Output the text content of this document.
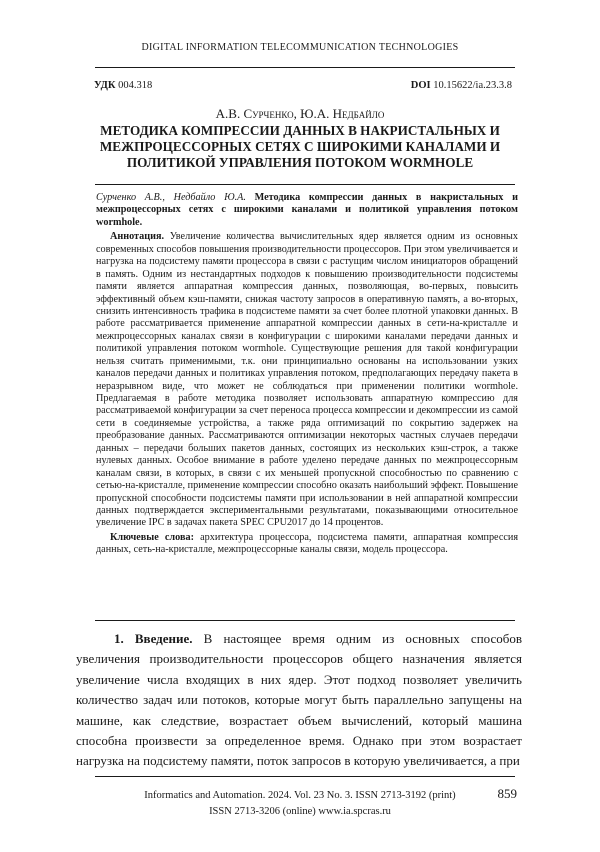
DIGITAL INFORMATION TELECOMMUNICATION TECHNOLOGIES
УДК 004.318	DOI 10.15622/ia.23.3.8
А.В. Сурченко, Ю.А. Недбайло
МЕТОДИКА КОМПРЕССИИ ДАННЫХ В НАКРИСТАЛЬНЫХ И МЕЖПРОЦЕССОРНЫХ СЕТЯХ С ШИРОКИМИ КАНАЛАМИ И ПОЛИТИКОЙ УПРАВЛЕНИЯ ПОТОКОМ WORMHOLE

Сурченко А.В., Недбайло Ю.А. Методика компрессии данных в накристальных и межпроцессорных сетях с широкими каналами и политикой управления потоком wormhole.

Аннотация. Увеличение количества вычислительных ядер является одним из основных современных способов повышения производительности процессоров. При этом увеличивается и нагрузка на подсистему памяти процессора в связи с растущим числом инициаторов обращений в память. Одним из нестандартных подходов к повышению производительности подсистемы памяти является аппаратная компрессия данных, позволяющая, во-первых, повысить эффективный объем кэш-памяти, снижая частоту запросов в оперативную память, а во-вторых, снизить интенсивность трафика в подсистеме памяти за счет более плотной упаковки данных. В работе рассматривается применение аппаратной компрессии данных в сети-на-кристалле и межпроцессорных каналах связи в конфигурации с широкими каналами передачи данных и политикой управления потоком wormhole. Существующие решения для такой конфигурации нельзя считать применимыми, т.к. они принципиально основаны на использовании узких каналов передачи данных и политиках управления потоком, предполагающих передачу пакета в неразрывном виде, что может не соблюдаться при применении политики wormhole. Предлагаемая в работе методика позволяет использовать аппаратную компрессию для рассматриваемой конфигурации за счет переноса процесса компрессии и декомпрессии из самой сети в соединяемые устройства, а также ряда оптимизаций по сокрытию задержек на преобразование данных. Рассматриваются оптимизации некоторых частных случаев передачи данных – передачи больших пакетов данных, состоящих из нескольких кэш-строк, а также нулевых данных. Особое внимание в работе уделено передаче данных по межпроцессорным каналам связи, в которых, в связи с их меньшей пропускной способностью по сравнению с сетью-на-кристалле, применение компрессии способно оказать наибольший эффект. Повышение пропускной способности подсистемы памяти при использовании в ней аппаратной компрессии данных подтверждается экспериментальными результатами, показывающими относительное увеличение IPC в задачах пакета SPEC CPU2017 до 14 процентов.

Ключевые слова: архитектура процессора, подсистема памяти, аппаратная компрессия данных, сеть-на-кристалле, межпроцессорные каналы связи, модель процессора.

1. Введение. В настоящее время одним из основных способов увеличения производительности процессоров общего назначения является увеличение числа входящих в них ядер. Этот подход позволяет увеличить количество задач или потоков, которые могут быть параллельно запущены на машине, как следствие, возрастает объем вычислений, который машина способна произвести за определенное время. Однако при этом возрастает нагрузка на подсистему памяти, поток запросов в которую увеличивается, а при
Informatics and Automation. 2024. Vol. 23 No. 3. ISSN 2713-3192 (print)
ISSN 2713-3206 (online) www.ia.spcras.ru
859
